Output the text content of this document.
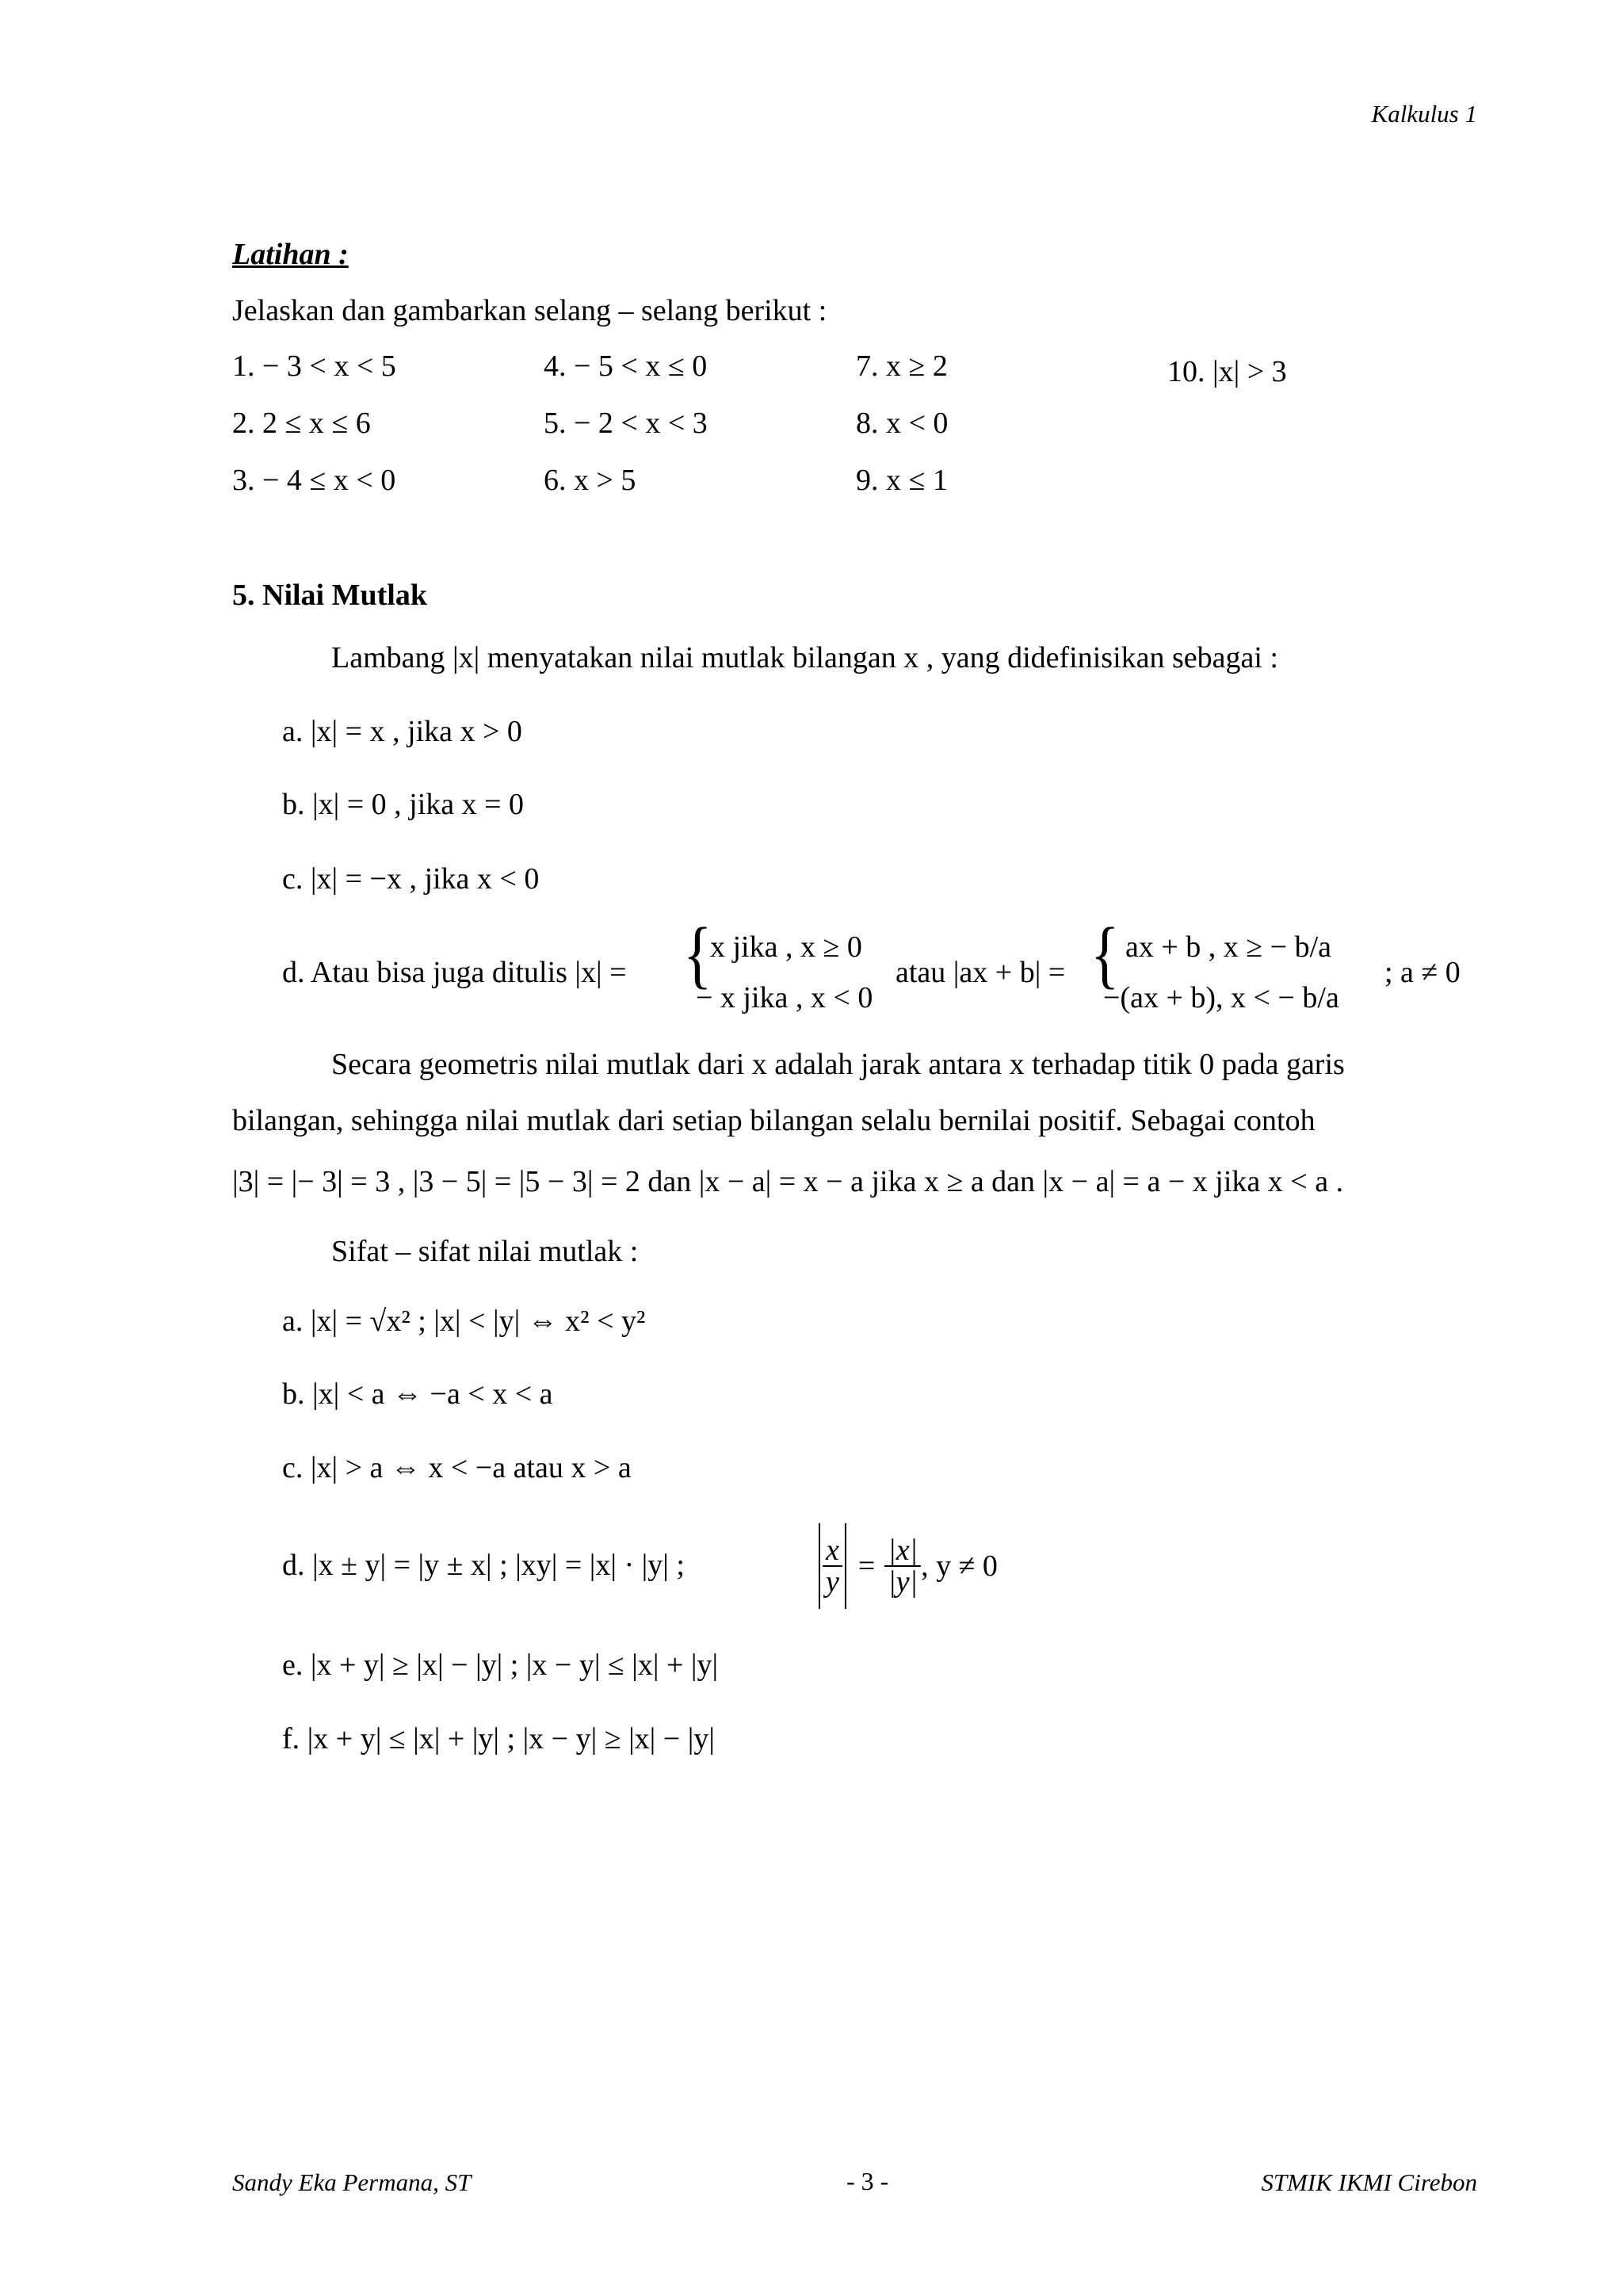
Kalkulus 1
Latihan :
Jelaskan dan gambarkan selang – selang berikut :
1. − 3 < x < 5
2. 2 ≤ x ≤ 6
3. − 4 ≤ x < 0
4. − 5 < x ≤ 0
5. − 2 < x < 3
6. x > 5
7. x ≥ 2
8. x < 0
9. x ≤ 1
10. |x| > 3
5. Nilai Mutlak
Lambang |x| menyatakan nilai mutlak bilangan x , yang didefinisikan sebagai :
a. |x| = x , jika x > 0
b. |x| = 0 , jika x = 0
c. |x| = −x , jika x < 0
d. Atau bisa juga ditulis |x| = {
x jika , x ≥ 0
− x jika , x < 0
atau |ax + b| = { ax + b , x ≥ − b/a
−(ax + b), x < − b/a
; a ≠ 0
Secara geometris nilai mutlak dari x adalah jarak antara x terhadap titik 0 pada garis
bilangan, sehingga nilai mutlak dari setiap bilangan selalu bernilai positif. Sebagai contoh
|3| = |− 3| = 3 , |3 − 5| = |5 − 3| = 2 dan |x − a| = x − a jika x ≥ a dan |x − a| = a − x jika x < a .
Sifat – sifat nilai mutlak :
a. |x| = √x² ; |x| < |y| ⇔ x² < y²
b. |x| < a ⇔ −a < x < a
c. |x| > a ⇔ x < −a atau x > a
d. |x ± y| = |y ± x| ; |xy| = |x| · |y| ;	$\frac{x}{y} = \frac{|x|}{|y|}$ , y ≠ 0
e. |x + y| ≥ |x| − |y| ; |x − y| ≤ |x| + |y|
f. |x + y| ≤ |x| + |y| ; |x − y| ≥ |x| − |y|
Sandy Eka Permana, ST	- 3 -	STMIK IKMI Cirebon
